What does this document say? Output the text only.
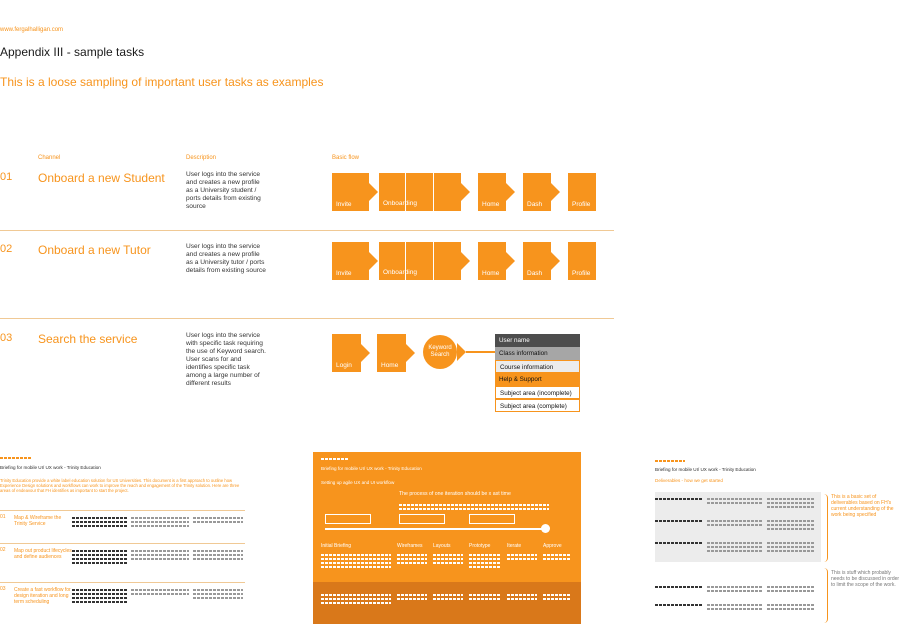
www.fergalhalligan.com
Appendix III - sample tasks
This is a loose sampling of important user tasks as examples
Channel	Description	Basic flow
01 Onboard a new Student	User logs into the service and creates a new profile as a University student / ports details from existing source	Invite	Onboarding	Home	Dash	Profile
02 Onboard a new Tutor	User logs into the service and creates a new profile as a University tutor / ports details from existing source	Invite	Onboarding	Home	Dash	Profile
03 Search the service	User logs into the service with specific task requiring the use of Keyword search. User scans for and identifies specific task among a large number of different results
Login	Home
Keyword Search
User name
Class information
Course information
Help & Support
Subject area (incomplete)
Subject area (complete)
Briefing for mobile UI/ UX work - Trinity Education
Trinity Education provide a white label education solution for US Universities. This document is a first approach to outline how Experience Design solutions and workflows can work to improve the reach and engagement of the Trinity solution. Here are three areas of endeavour that FH identifies as important to start the project.
01	Map & Wireframe the Trinity Service
02	Map out product lifecycles and define audiences
03	Create a fast workflow for design iteration and long term scheduling
Briefing for mobile UI/ UX work - Trinity Education
Setting up agile UX and UI workflow
The process of one iteration should be x ast time
Initial Briefing	Wireframes	Layouts	Prototype	Iterate	Approve
Briefing for mobile UI/ UX work - Trinity Education
Deliverables - how we get started
This is a basic set of deliverables based on FH's current understanding of the work being specified
This is stuff which probably needs to be discussed in order to limit the scope of the work.
